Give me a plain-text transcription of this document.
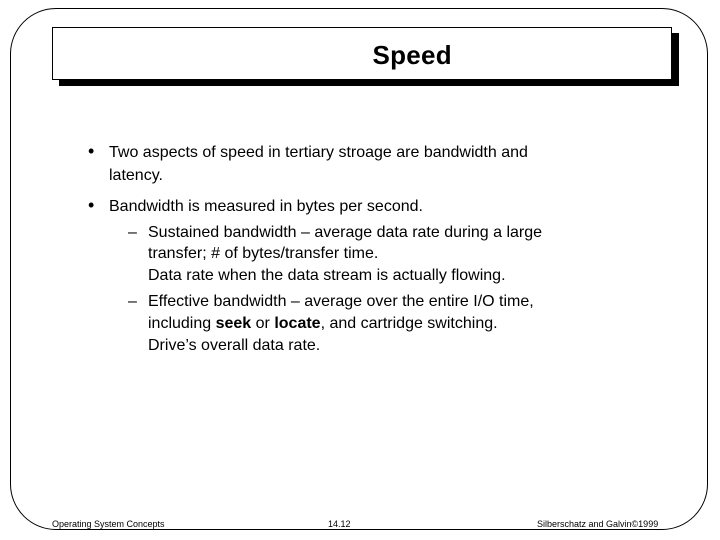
Speed
• Two aspects of speed in tertiary stroage are bandwidth and
latency.
• Bandwidth is measured in bytes per second.
– Sustained bandwidth – average data rate during a large
transfer; # of bytes/transfer time.
Data rate when the data stream is actually flowing.
– Effective bandwidth – average over the entire I/O time,
including seek or locate, and cartridge switching.
Drive’s overall data rate.
Operating System Concepts	14.12	Silberschatz and Galvin©1999
